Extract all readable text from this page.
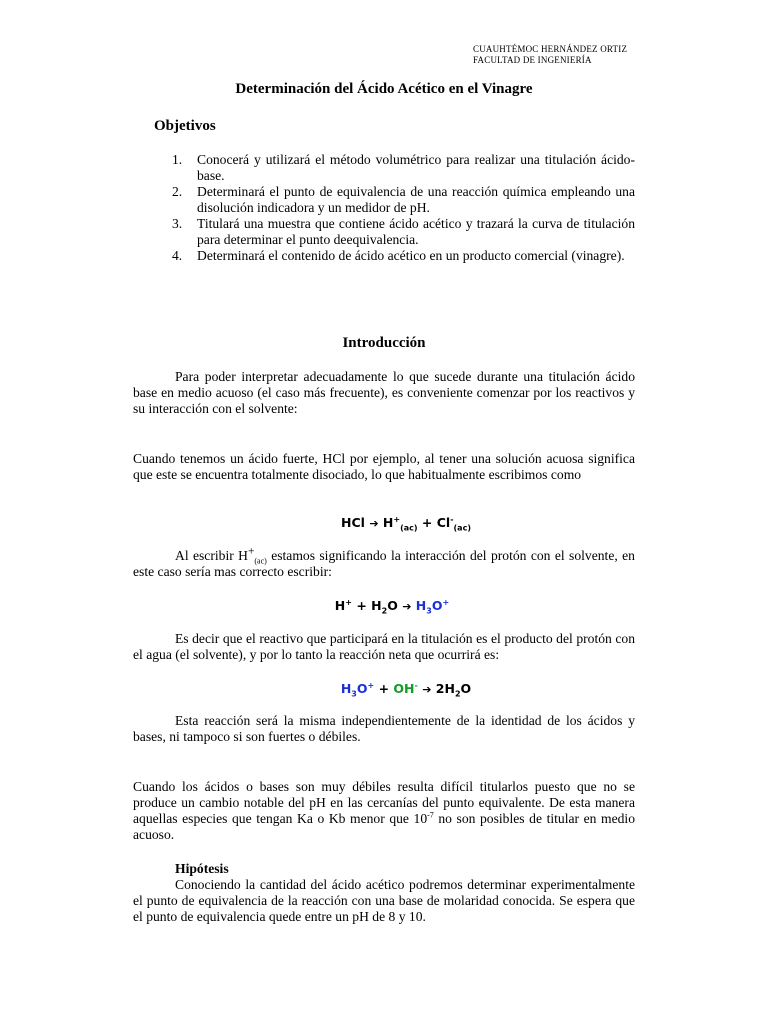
CUAUHTÉMOC HERNÁNDEZ ORTIZ
FACULTAD DE INGENIERÍA
Determinación del Ácido Acético en el Vinagre
Objetivos
1. Conocerá y utilizará el método volumétrico para realizar una titulación ácido-base.
2. Determinará el punto de equivalencia de una reacción química empleando una disolución indicadora y un medidor de pH.
3. Titulará una muestra que contiene ácido acético y trazará la curva de titulación para determinar el punto deequivalencia.
4. Determinará el contenido de ácido acético en un producto comercial (vinagre).
Introducción
Para poder interpretar adecuadamente lo que sucede durante una titulación ácido base en medio acuoso (el caso más frecuente), es conveniente comenzar por los reactivos y su interacción con el solvente:
Cuando tenemos un ácido fuerte, HCl por ejemplo, al tener una solución acuosa significa que este se encuentra totalmente disociado, lo que habitualmente escribimos como
HCl ➔ $H^+_{(ac)} + Cl^-_{(ac)}$
Al escribir $H^+_{(ac)}$ estamos significando la interacción del protón con el solvente, en este caso sería mas correcto escribir:
$H^+ + H_2O$ ➔ $H_3O^+$
Es decir que el reactivo que participará en la titulación es el producto del protón con el agua (el solvente), y por lo tanto la reacción neta que ocurrirá es:
$H_3O^+ + OH^-$ ➔ $2H_2O$
Esta reacción será la misma independientemente de la identidad de los ácidos y bases, ni tampoco si son fuertes o débiles.
Cuando los ácidos o bases son muy débiles resulta difícil titularlos puesto que no se produce un cambio notable del pH en las cercanías del punto equivalente. De esta manera aquellas especies que tengan Ka o Kb menor que $10^{-7}$ no son posibles de titular en medio acuoso.
Hipótesis
Conociendo la cantidad del ácido acético podremos determinar experimentalmente el punto de equivalencia de la reacción con una base de molaridad conocida. Se espera que el punto de equivalencia quede entre un pH de 8 y 10.
